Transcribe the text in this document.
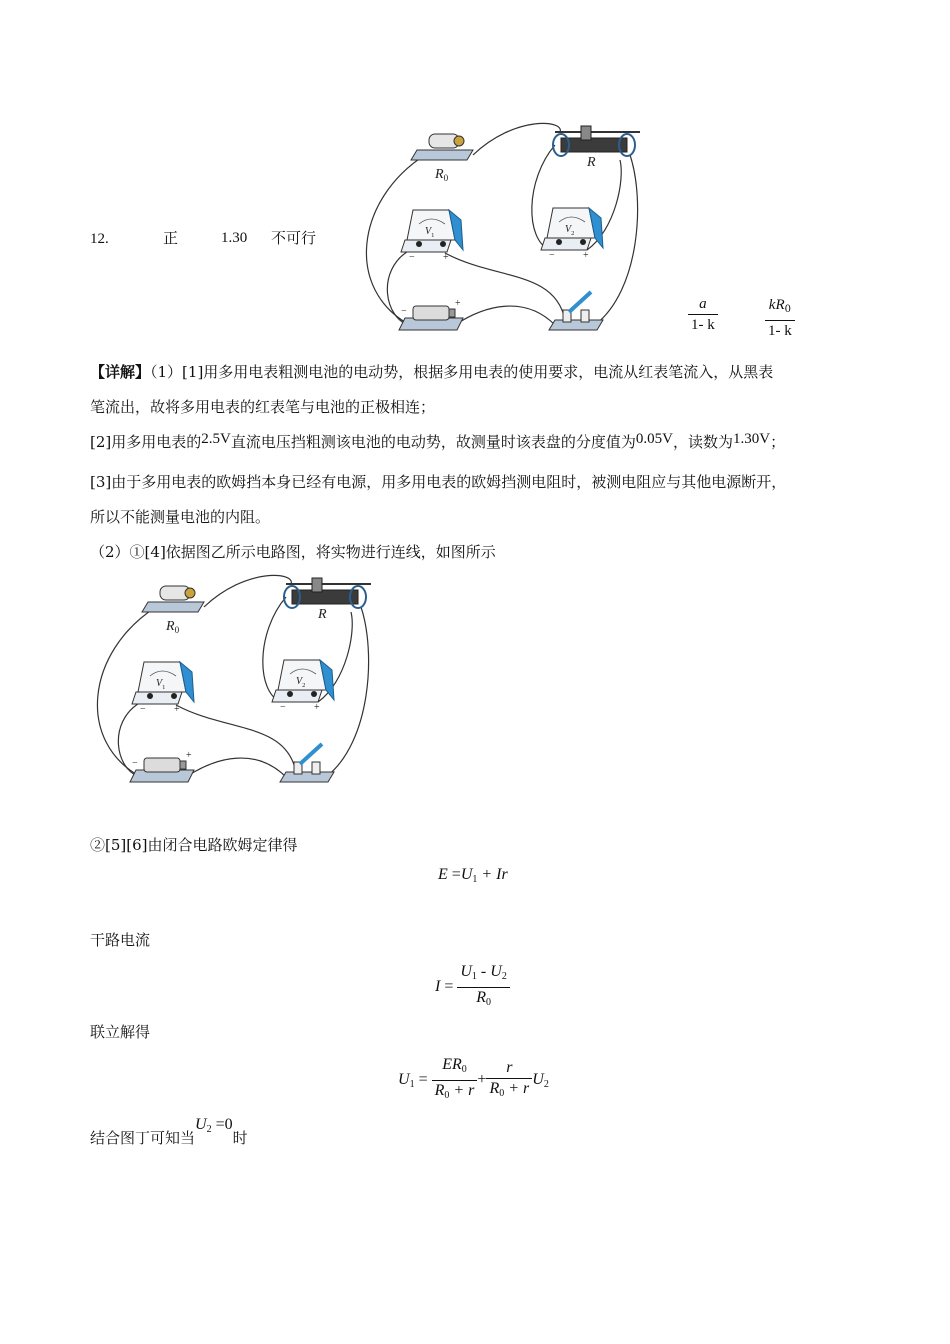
12.	正	1.30 不可行
$\frac{a}{1- k}$	$\frac{kR_0}{1- k}$
$R_0$
R
$V_1$
−	+
$V_2$
−	+
−
+
【详解】（1）[1]用多用电表粗测电池的电动势，根据多用电表的使用要求，电流从红表笔流入，从黑表
笔流出，故将多用电表的红表笔与电池的正极相连；
[2]用多用电表的2.5V直流电压挡粗测该电池的电动势，故测量时该表盘的分度值为0.05V，读数为1.30V；
[3]由于多用电表的欧姆挡本身已经有电源，用多用电表的欧姆挡测电阻时，被测电阻应与其他电源断开，
所以不能测量电池的内阻。
（2）①[4]依据图乙所示电路图，将实物进行连线，如图所示
$R_0$
R
$V_1$
−	+
$V_2$
−	+
−
+
②[5][6]由闭合电路欧姆定律得
$E =U_1 + Ir$
干路电流
$I = \frac{U_1 - U_2}{R_0}$
联立解得
$U_1 = \frac{ER_0}{R_0 + r} + \frac{r}{R_0 + r} U_2$
结合图丁可知当$U_2 =0$时
